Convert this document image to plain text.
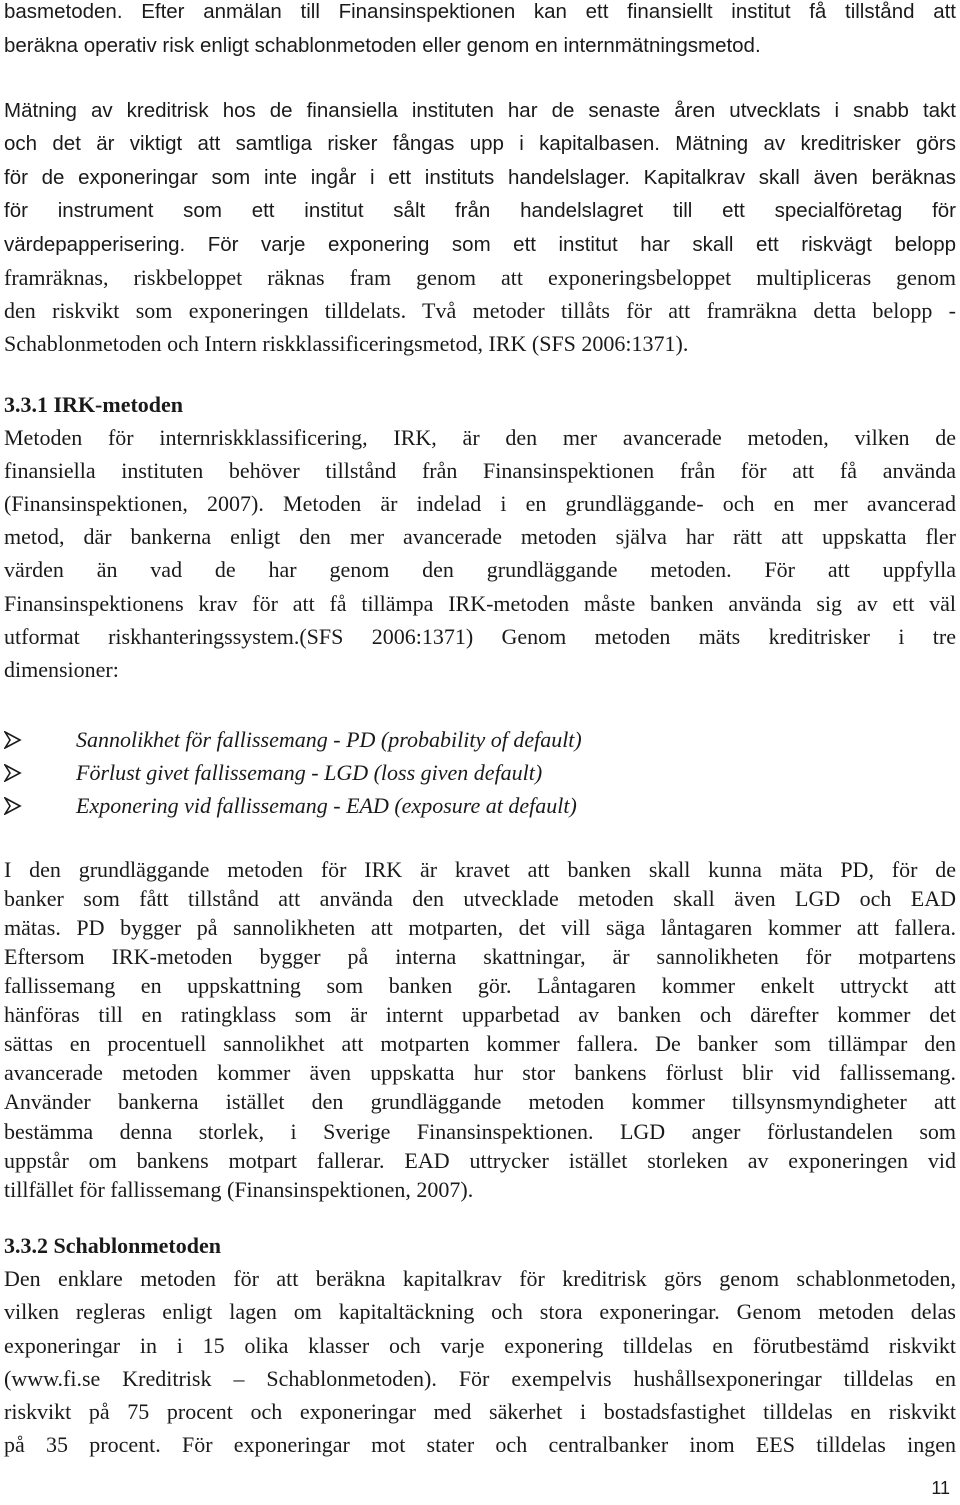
basmetoden. Efter anmälan till Finansinspektionen kan ett finansiellt institut få tillstånd att
beräkna operativ risk enligt schablonmetoden eller genom en internmätningsmetod.
Mätning av kreditrisk hos de finansiella instituten har de senaste åren utvecklats i snabb takt
och det är viktigt att samtliga risker fångas upp i kapitalbasen. Mätning av kreditrisker görs
för de exponeringar som inte ingår i ett instituts handelslager. Kapitalkrav skall även beräknas
för instrument som ett institut sålt från handelslagret till ett specialföretag för
värdepapperisering. För varje exponering som ett institut har skall ett riskvägt belopp
framräknas, riskbeloppet räknas fram genom att exponeringsbeloppet multipliceras genom
den riskvikt som exponeringen tilldelats. Två metoder tillåts för att framräkna detta belopp -
Schablonmetoden och Intern riskklassificeringsmetod, IRK (SFS 2006:1371).
3.3.1 IRK-metoden
Metoden för internriskklassificering, IRK, är den mer avancerade metoden, vilken de
finansiella instituten behöver tillstånd från Finansinspektionen från för att få använda
(Finansinspektionen, 2007). Metoden är indelad i en grundläggande- och en mer avancerad
metod, där bankerna enligt den mer avancerade metoden själva har rätt att uppskatta fler
värden än vad de har genom den grundläggande metoden. För att uppfylla
Finansinspektionens krav för att få tillämpa IRK-metoden måste banken använda sig av ett väl
utformat riskhanteringssystem.(SFS 2006:1371) Genom metoden mäts kreditrisker i tre
dimensioner:
Sannolikhet för fallissemang - PD (probability of default)
Förlust givet fallissemang - LGD (loss given default)
Exponering vid fallissemang - EAD (exposure at default)
I den grundläggande metoden för IRK är kravet att banken skall kunna mäta PD, för de
banker som fått tillstånd att använda den utvecklade metoden skall även LGD och EAD
mätas. PD bygger på sannolikheten att motparten, det vill säga låntagaren kommer att fallera.
Eftersom IRK-metoden bygger på interna skattningar, är sannolikheten för motpartens
fallissemang en uppskattning som banken gör. Låntagaren kommer enkelt uttryckt att
hänföras till en ratingklass som är internt upparbetad av banken och därefter kommer det
sättas en procentuell sannolikhet att motparten kommer fallera. De banker som tillämpar den
avancerade metoden kommer även uppskatta hur stor bankens förlust blir vid fallissemang.
Använder bankerna istället den grundläggande metoden kommer tillsynsmyndigheter att
bestämma denna storlek, i Sverige Finansinspektionen. LGD anger förlustandelen som
uppstår om bankens motpart fallerar. EAD uttrycker istället storleken av exponeringen vid
tillfället för fallissemang (Finansinspektionen, 2007).
3.3.2 Schablonmetoden
Den enklare metoden för att beräkna kapitalkrav för kreditrisk görs genom schablonmetoden,
vilken regleras enligt lagen om kapitaltäckning och stora exponeringar. Genom metoden delas
exponeringar in i 15 olika klasser och varje exponering tilldelas en förutbestämd riskvikt
(www.fi.se Kreditrisk – Schablonmetoden). För exempelvis hushållsexponeringar tilldelas en
riskvikt på 75 procent och exponeringar med säkerhet i bostadsfastighet tilldelas en riskvikt
på 35 procent. För exponeringar mot stater och centralbanker inom EES tilldelas ingen
11
